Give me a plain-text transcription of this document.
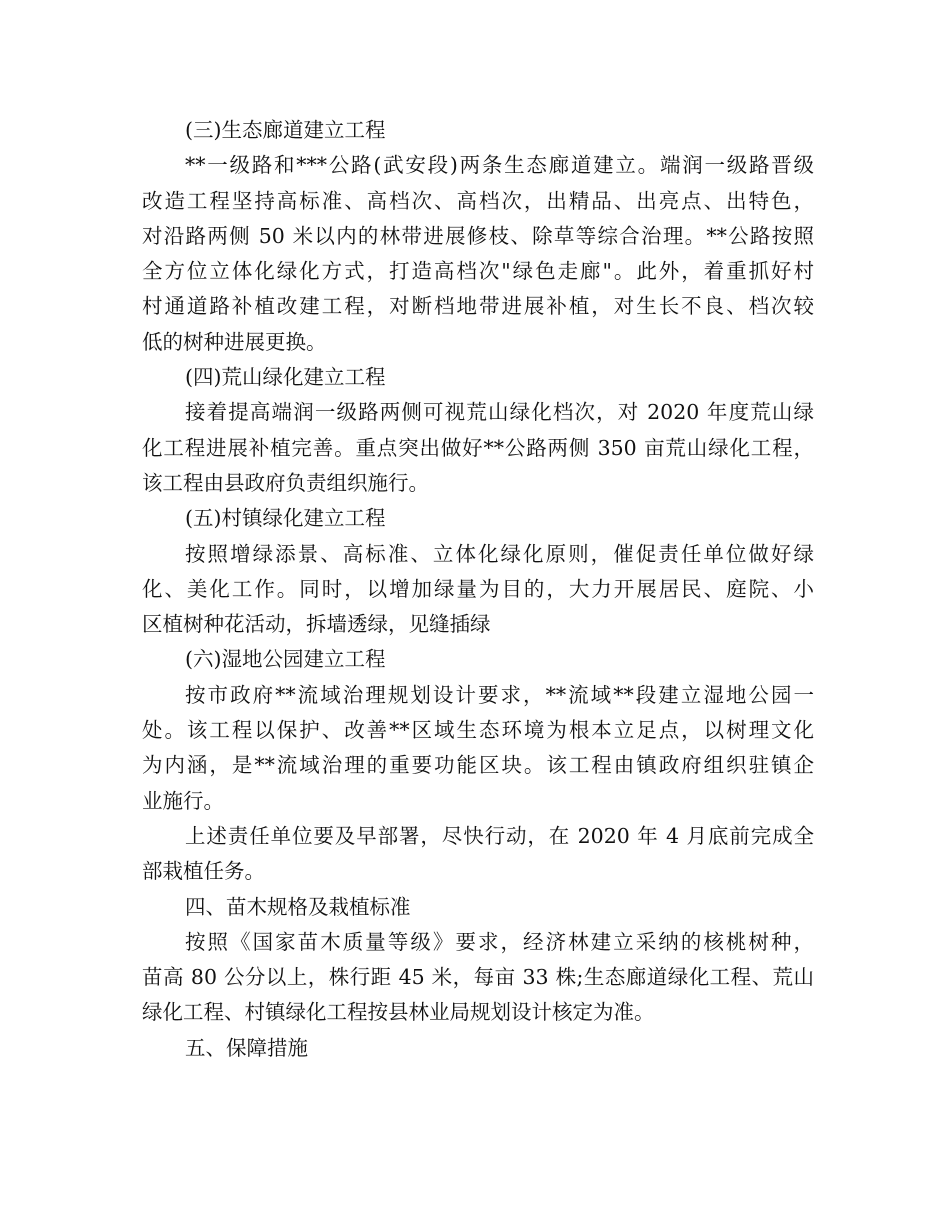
(三)生态廊道建立工程
**一级路和***公路(武安段)两条生态廊道建立。端润一级路晋级
改造工程坚持高标准、高档次、高档次，出精品、出亮点、出特色，
对沿路两侧 50 米以内的林带进展修枝、除草等综合治理。**公路按照
全方位立体化绿化方式，打造高档次"绿色走廊"。此外，着重抓好村
村通道路补植改建工程，对断档地带进展补植，对生长不良、档次较
低的树种进展更换。
(四)荒山绿化建立工程
接着提高端润一级路两侧可视荒山绿化档次，对 2020 年度荒山绿
化工程进展补植完善。重点突出做好**公路两侧 350 亩荒山绿化工程，
该工程由县政府负责组织施行。
(五)村镇绿化建立工程
按照增绿添景、高标准、立体化绿化原则，催促责任单位做好绿
化、美化工作。同时，以增加绿量为目的，大力开展居民、庭院、小
区植树种花活动，拆墙透绿，见缝插绿
(六)湿地公园建立工程
按市政府**流域治理规划设计要求，**流域**段建立湿地公园一
处。该工程以保护、改善**区域生态环境为根本立足点，以树理文化
为内涵，是**流域治理的重要功能区块。该工程由镇政府组织驻镇企
业施行。
上述责任单位要及早部署，尽快行动，在 2020 年 4 月底前完成全
部栽植任务。
四、苗木规格及栽植标准
按照《国家苗木质量等级》要求，经济林建立采纳的核桃树种，
苗高 80 公分以上，株行距 45 米，每亩 33 株;生态廊道绿化工程、荒山
绿化工程、村镇绿化工程按县林业局规划设计核定为准。
五、保障措施
